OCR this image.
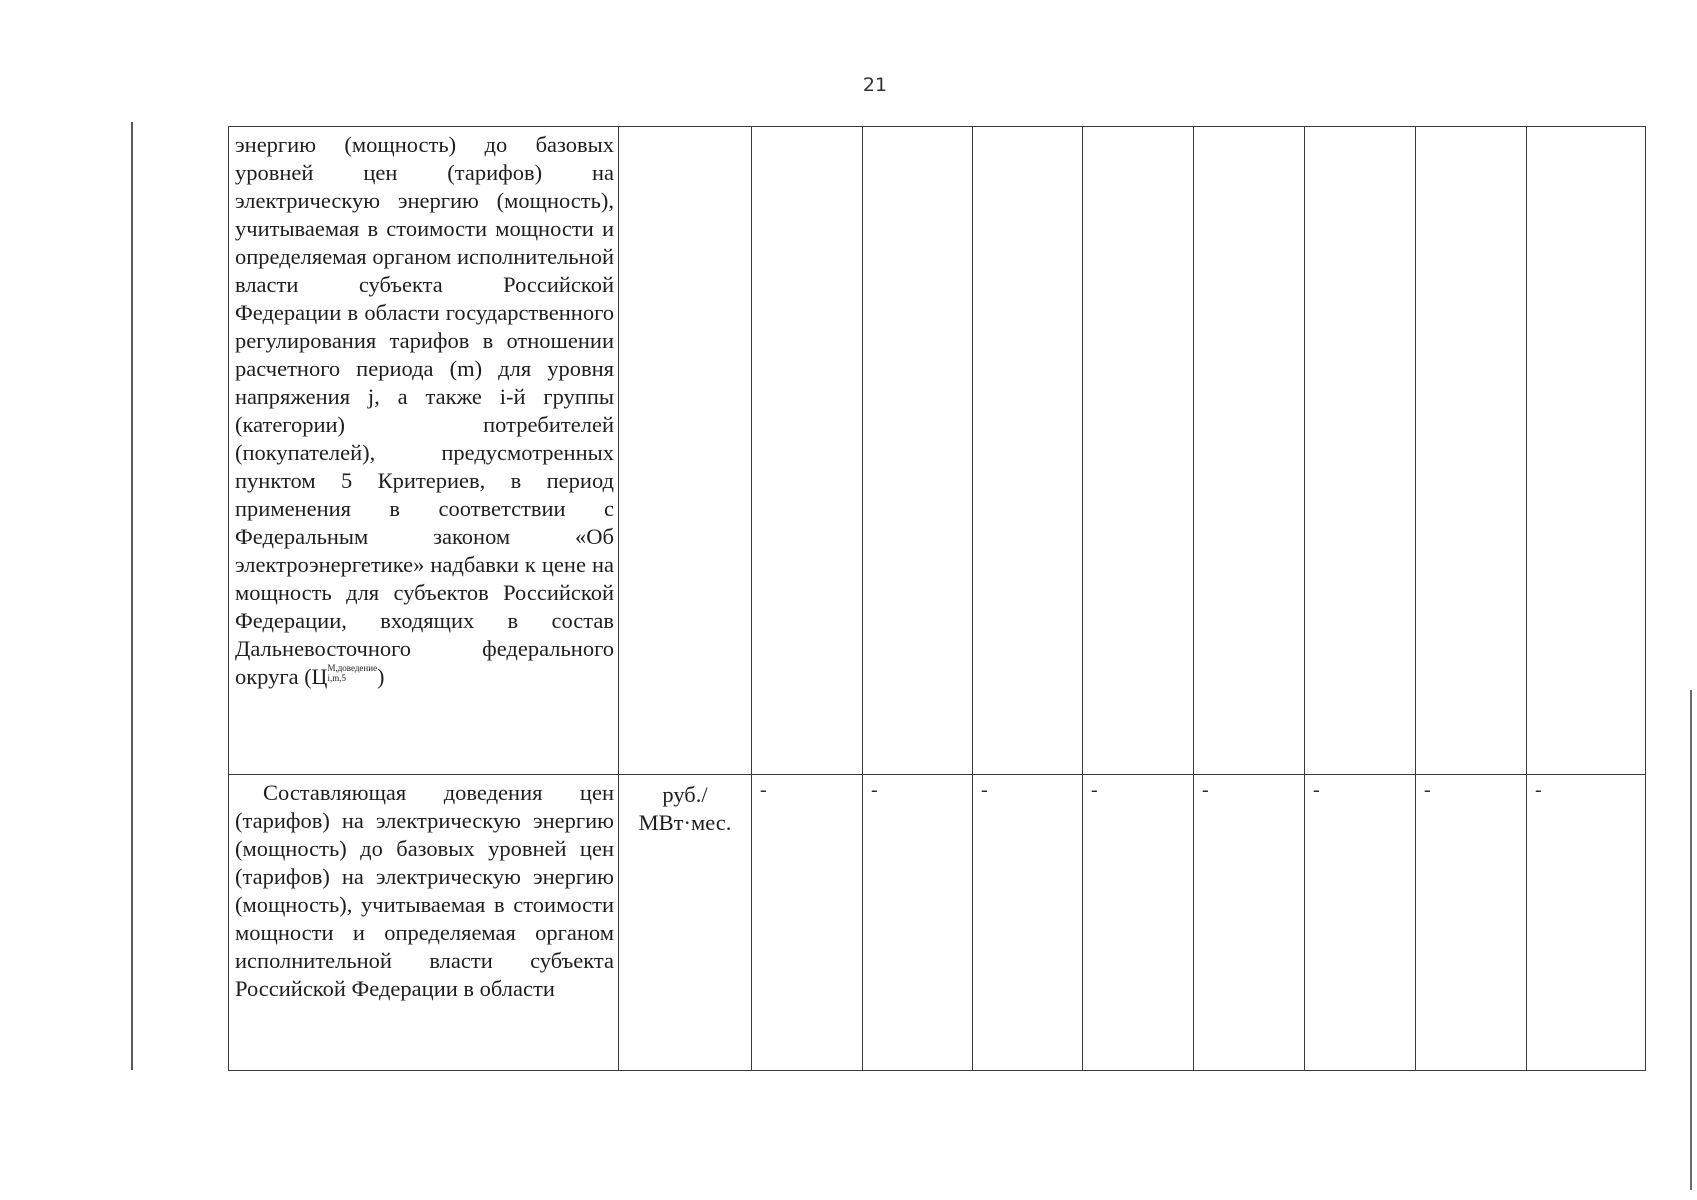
21
энергию (мощность) до базовых уровней цен (тарифов) на электрическую энергию (мощность), учитываемая в стоимости мощности и определяемая органом исполнительной власти субъекта Российской Федерации в области государственного регулирования тарифов в отношении расчетного периода (m) для уровня напряжения j, а также i-й группы (категории) потребителей (покупателей), предусмотренных пунктом 5 Критериев, в период применения в соответствии с Федеральным законом «Об электроэнергетике» надбавки к цене на мощность для субъектов Российской Федерации, входящих в состав Дальневосточного федерального округа (ЦМ,доведение
i,m,5 )									

Составляющая доведения цен (тарифов) на электрическую энергию (мощность) до базовых уровней цен (тарифов) на электрическую энергию (мощность), учитываемая в стоимости мощности и определяемая органом исполнительной власти субъекта Российской Федерации в области	руб./
МВт·мес.	-	-	-	-	-	-	-	-
